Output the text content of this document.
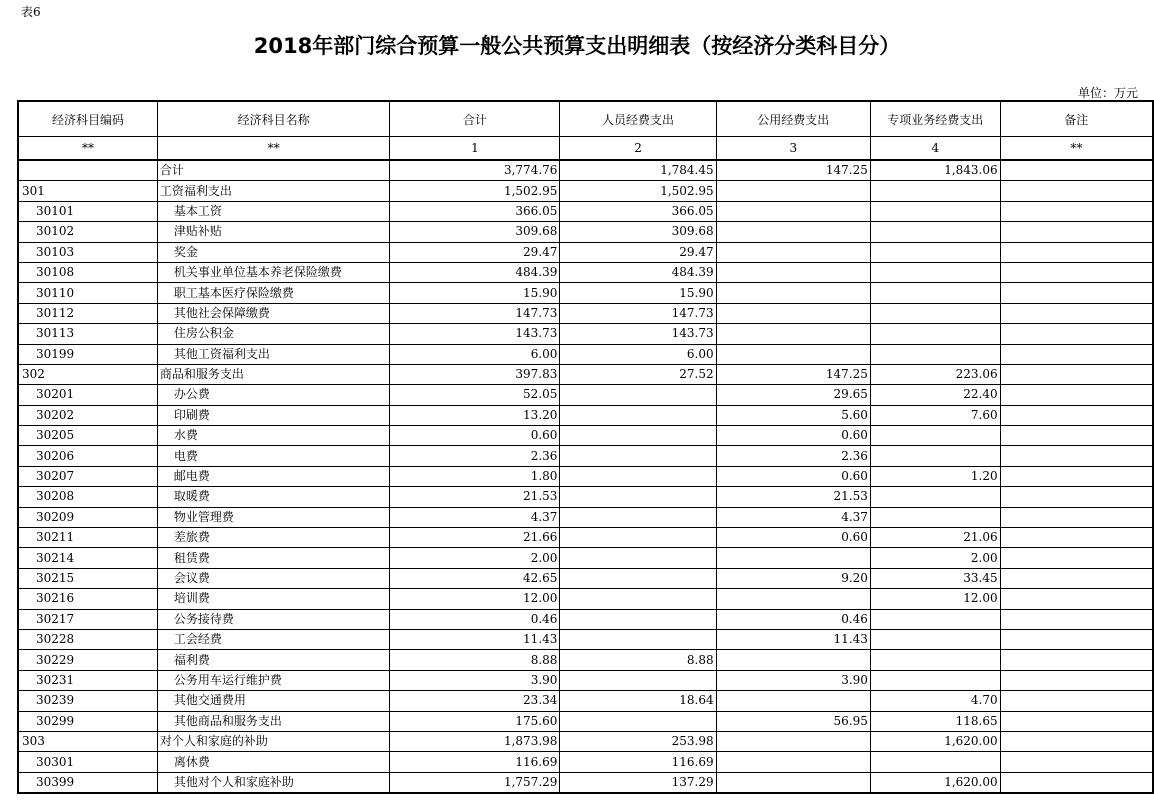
表6
2018年部门综合预算一般公共预算支出明细表（按经济分类科目分）
单位：万元
经济科目编码	经济科目名称	合计	人员经费支出	公用经费支出	专项业务经费支出	备注
**	**	1	2	3	4	**
	合计	3,774.76	1,784.45	147.25	1,843.06	
301	工资福利支出	1,502.95	1,502.95			
30101	基本工资	366.05	366.05			
30102	津贴补贴	309.68	309.68			
30103	奖金	29.47	29.47			
30108	机关事业单位基本养老保险缴费	484.39	484.39			
30110	职工基本医疗保险缴费	15.90	15.90			
30112	其他社会保障缴费	147.73	147.73			
30113	住房公积金	143.73	143.73			
30199	其他工资福利支出	6.00	6.00			
302	商品和服务支出	397.83	27.52	147.25	223.06	
30201	办公费	52.05		29.65	22.40	
30202	印刷费	13.20		5.60	7.60	
30205	水费	0.60		0.60		
30206	电费	2.36		2.36		
30207	邮电费	1.80		0.60	1.20	
30208	取暖费	21.53		21.53		
30209	物业管理费	4.37		4.37		
30211	差旅费	21.66		0.60	21.06	
30214	租赁费	2.00			2.00	
30215	会议费	42.65		9.20	33.45	
30216	培训费	12.00			12.00	
30217	公务接待费	0.46		0.46		
30228	工会经费	11.43		11.43		
30229	福利费	8.88	8.88			
30231	公务用车运行维护费	3.90		3.90		
30239	其他交通费用	23.34	18.64		4.70	
30299	其他商品和服务支出	175.60		56.95	118.65	
303	对个人和家庭的补助	1,873.98	253.98		1,620.00	
30301	离休费	116.69	116.69			
30399	其他对个人和家庭补助	1,757.29	137.29		1,620.00	
